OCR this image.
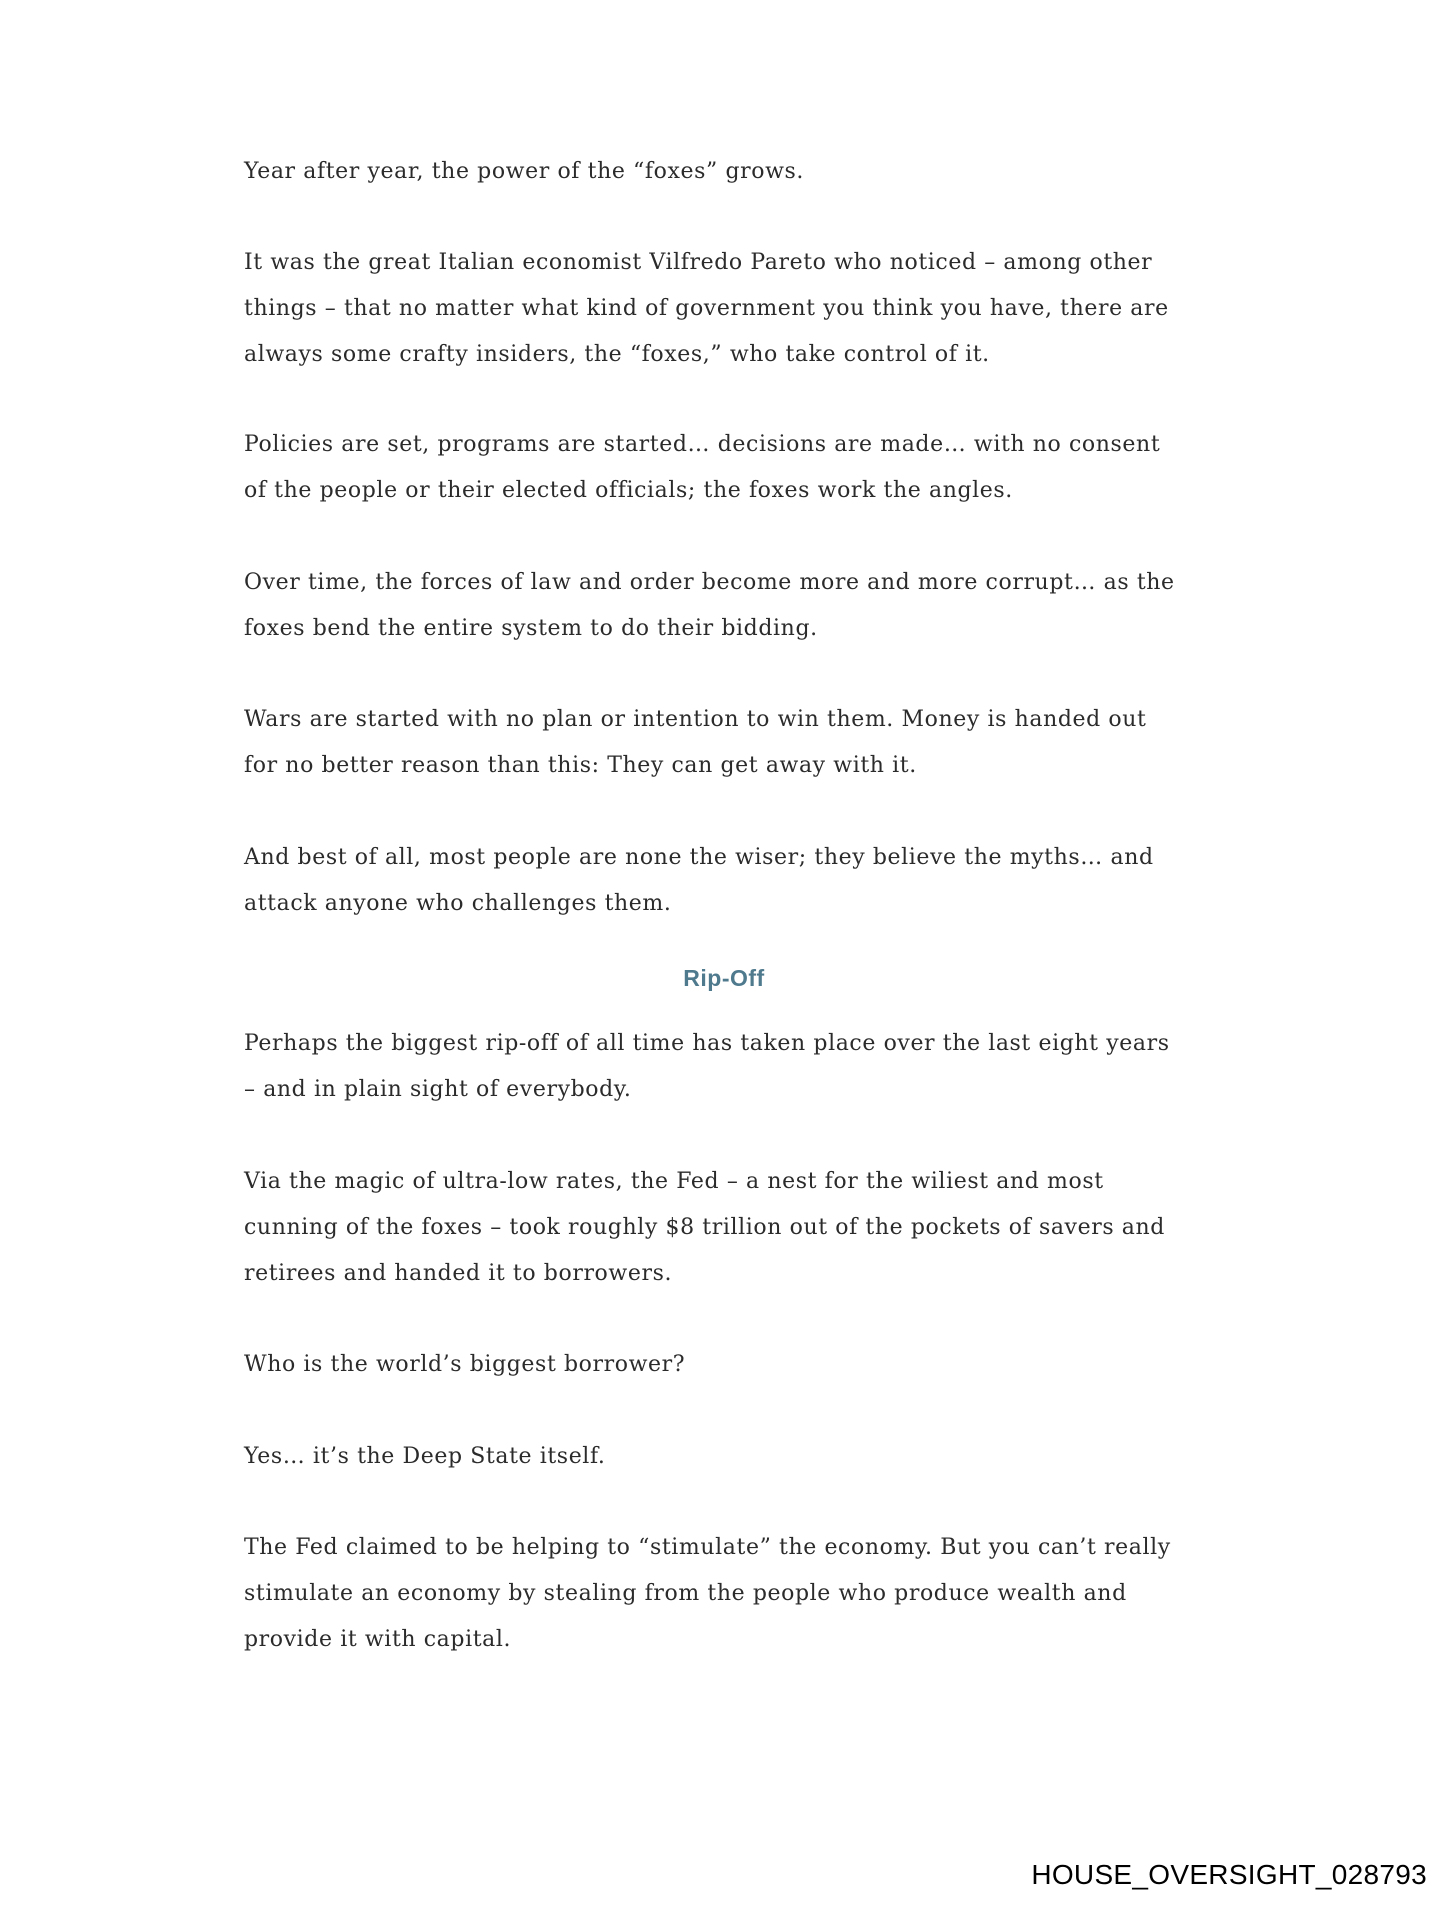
Year after year, the power of the “foxes” grows.

It was the great Italian economist Vilfredo Pareto who noticed – among other
things – that no matter what kind of government you think you have, there are
always some crafty insiders, the “foxes,” who take control of it.

Policies are set, programs are started… decisions are made… with no consent
of the people or their elected officials; the foxes work the angles.

Over time, the forces of law and order become more and more corrupt… as the
foxes bend the entire system to do their bidding.

Wars are started with no plan or intention to win them. Money is handed out
for no better reason than this: They can get away with it.

And best of all, most people are none the wiser; they believe the myths… and
attack anyone who challenges them.

Rip-Off

Perhaps the biggest rip-off of all time has taken place over the last eight years
– and in plain sight of everybody.

Via the magic of ultra-low rates, the Fed – a nest for the wiliest and most
cunning of the foxes – took roughly $8 trillion out of the pockets of savers and
retirees and handed it to borrowers.

Who is the world’s biggest borrower?

Yes… it’s the Deep State itself.

The Fed claimed to be helping to “stimulate” the economy. But you can’t really
stimulate an economy by stealing from the people who produce wealth and
provide it with capital.

HOUSE_OVERSIGHT_028793
